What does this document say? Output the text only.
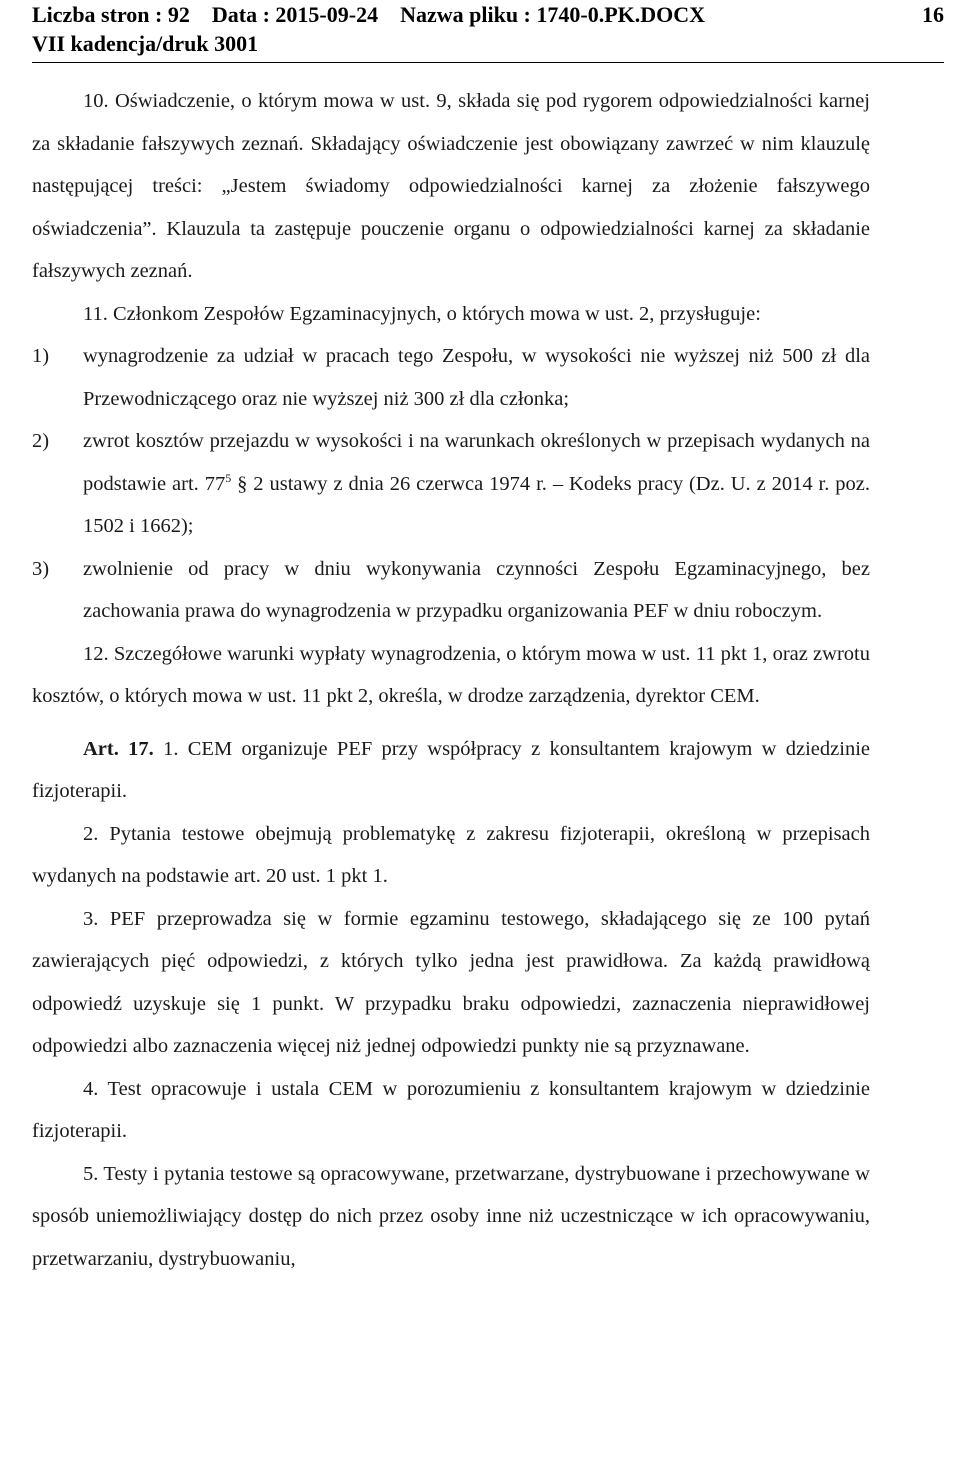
Liczba stron : 92 Data : 2015-09-24 Nazwa pliku : 1740-0.PK.DOCX	16
VII kadencja/druk 3001

10. Oświadczenie, o którym mowa w ust. 9, składa się pod rygorem odpowiedzialności karnej za składanie fałszywych zeznań. Składający oświadczenie jest obowiązany zawrzeć w nim klauzulę następującej treści: „Jestem świadomy odpowiedzialności karnej za złożenie fałszywego oświadczenia”. Klauzula ta zastępuje pouczenie organu o odpowiedzialności karnej za składanie fałszywych zeznań.

11. Członkom Zespołów Egzaminacyjnych, o których mowa w ust. 2, przysługuje:

1)	wynagrodzenie za udział w pracach tego Zespołu, w wysokości nie wyższej niż 500 zł dla Przewodniczącego oraz nie wyższej niż 300 zł dla członka;
2)	zwrot kosztów przejazdu w wysokości i na warunkach określonych w przepisach wydanych na podstawie art. $77^5$ § 2 ustawy z dnia 26 czerwca 1974 r. – Kodeks pracy (Dz. U. z 2014 r. poz. 1502 i 1662);
3)	zwolnienie od pracy w dniu wykonywania czynności Zespołu Egzaminacyjnego, bez zachowania prawa do wynagrodzenia w przypadku organizowania PEF w dniu roboczym.

12. Szczegółowe warunki wypłaty wynagrodzenia, o którym mowa w ust. 11 pkt 1, oraz zwrotu kosztów, o których mowa w ust. 11 pkt 2, określa, w drodze zarządzenia, dyrektor CEM.

Art. 17. 1. CEM organizuje PEF przy współpracy z konsultantem krajowym w dziedzinie fizjoterapii.

2. Pytania testowe obejmują problematykę z zakresu fizjoterapii, określoną w przepisach wydanych na podstawie art. 20 ust. 1 pkt 1.

3. PEF przeprowadza się w formie egzaminu testowego, składającego się ze 100 pytań zawierających pięć odpowiedzi, z których tylko jedna jest prawidłowa. Za każdą prawidłową odpowiedź uzyskuje się 1 punkt. W przypadku braku odpowiedzi, zaznaczenia nieprawidłowej odpowiedzi albo zaznaczenia więcej niż jednej odpowiedzi punkty nie są przyznawane.

4. Test opracowuje i ustala CEM w porozumieniu z konsultantem krajowym w dziedzinie fizjoterapii.

5. Testy i pytania testowe są opracowywane, przetwarzane, dystrybuowane i przechowywane w sposób uniemożliwiający dostęp do nich przez osoby inne niż uczestniczące w ich opracowywaniu, przetwarzaniu, dystrybuowaniu,
